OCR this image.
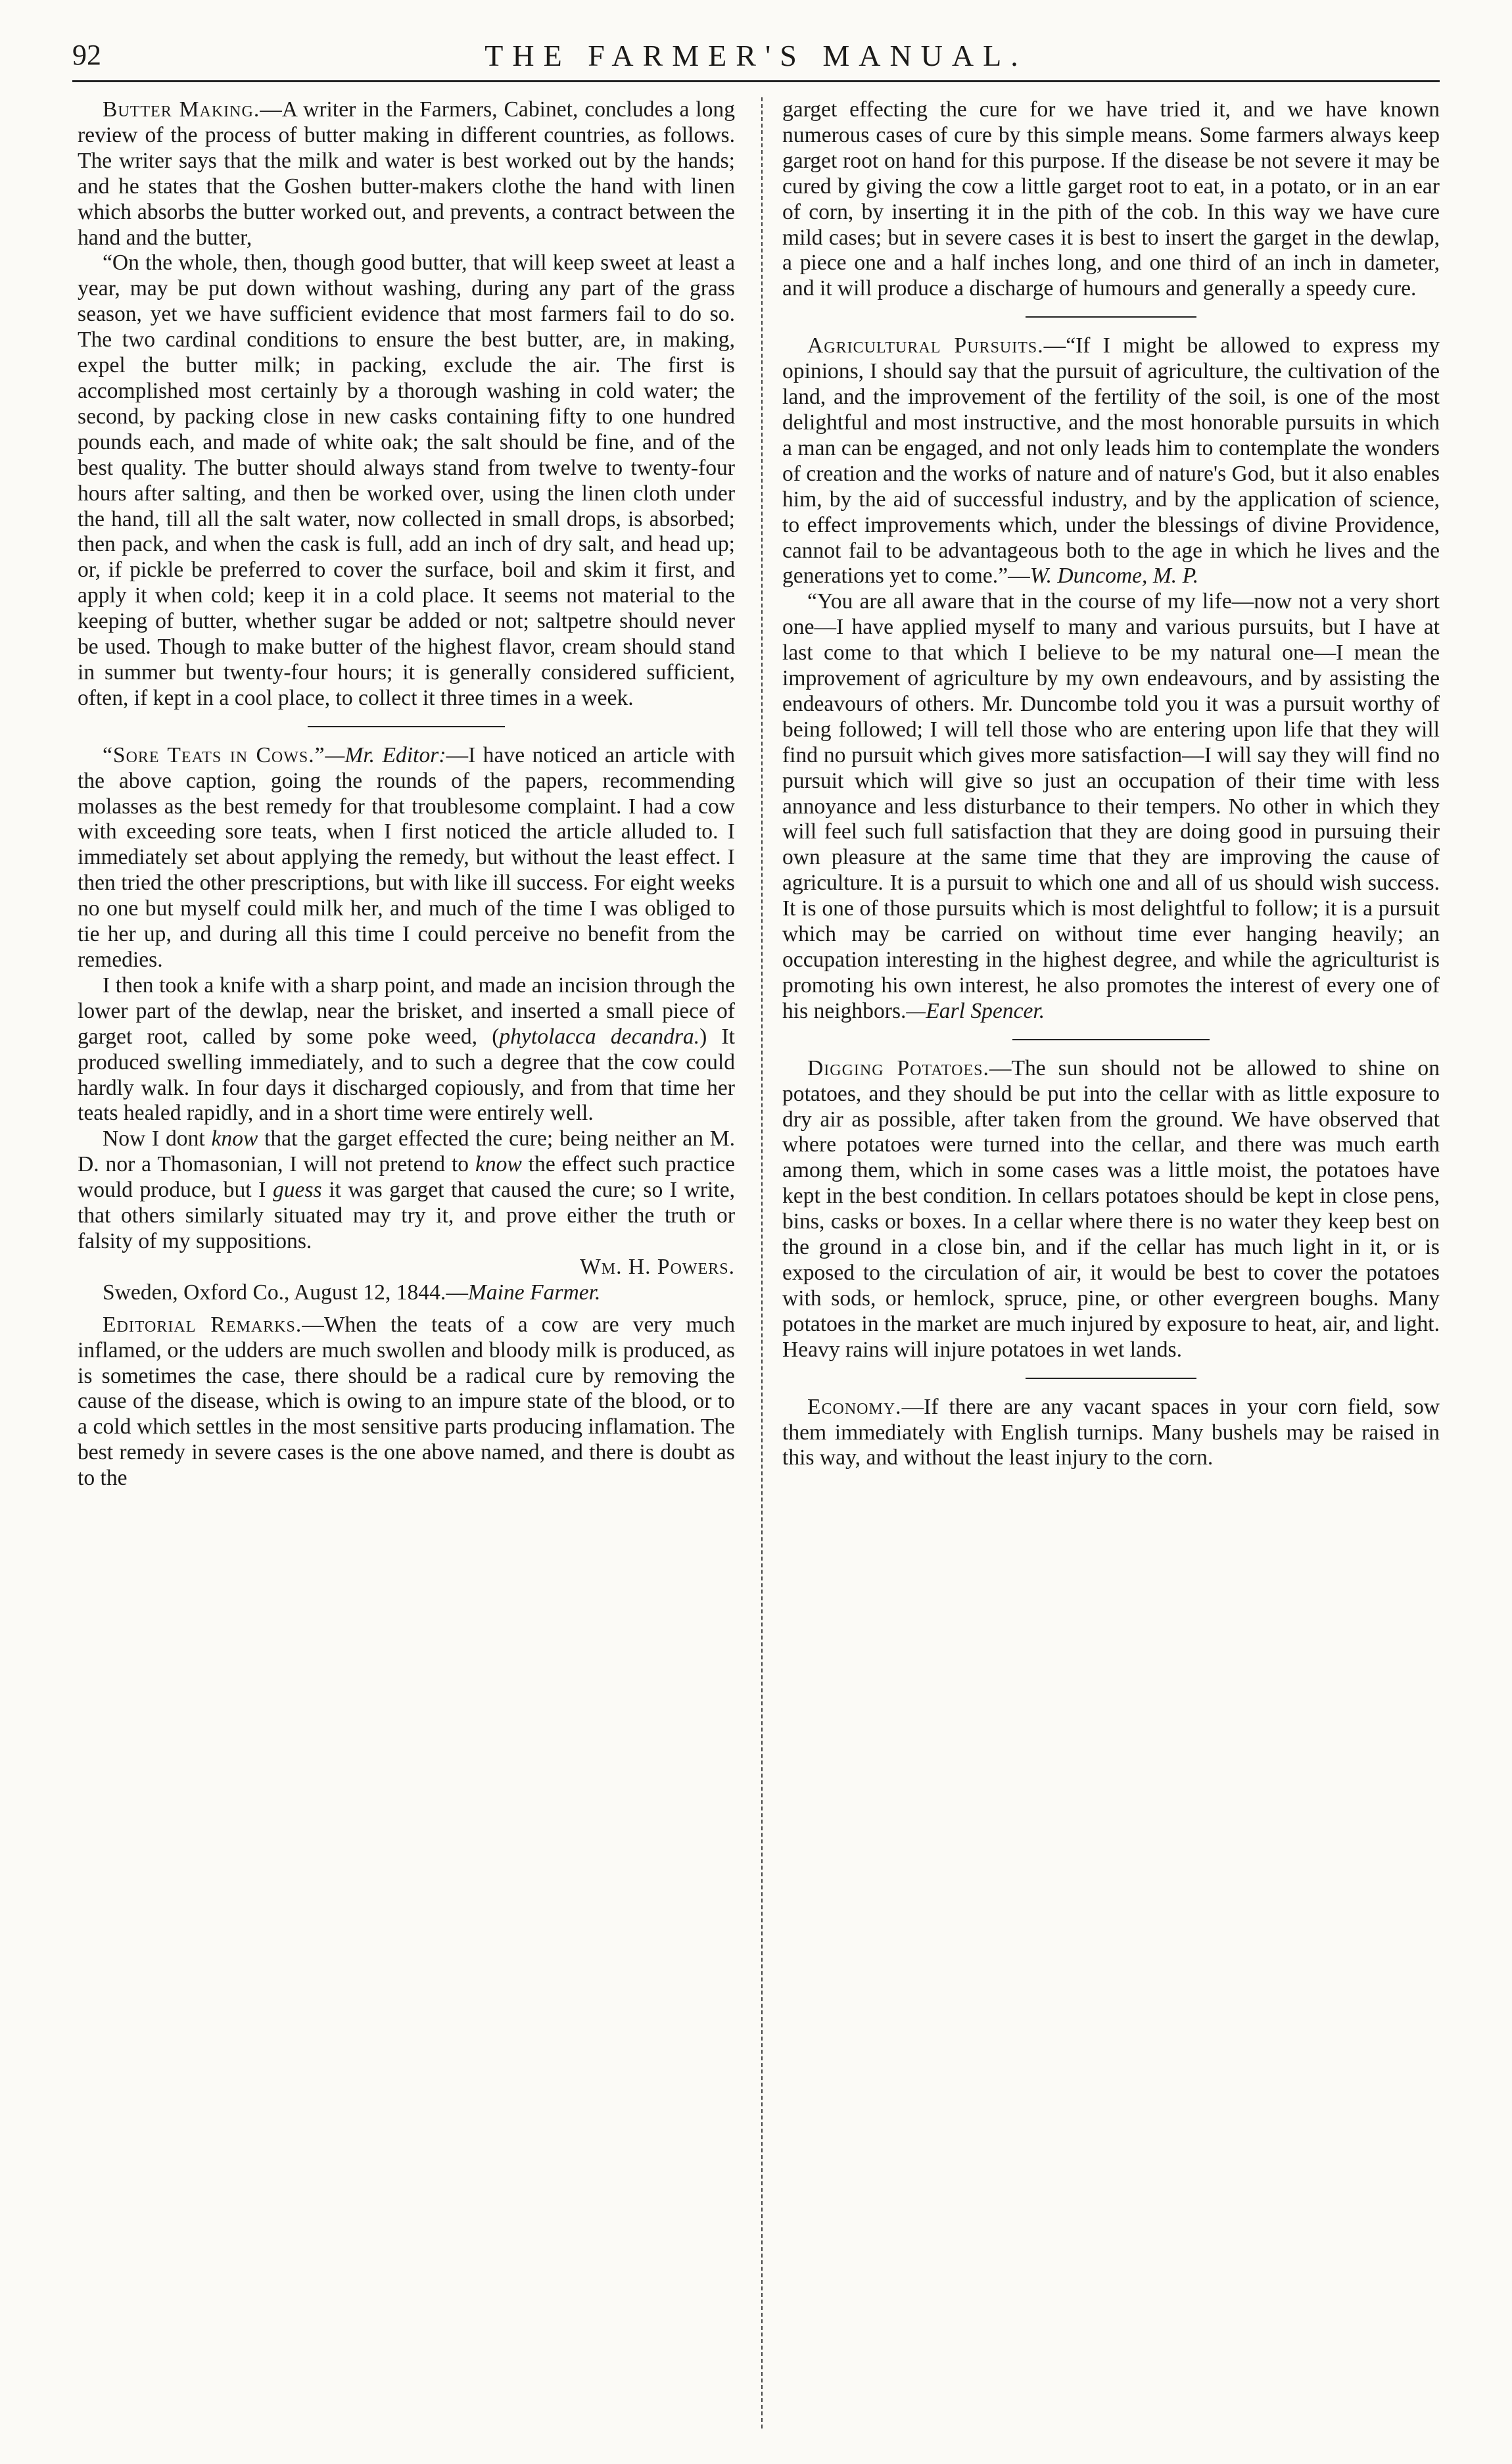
92	THE FARMER'S MANUAL.

Butter Making.—A writer in the Farmers, Cabinet, concludes a long review of the process of butter making in different countries, as follows. The writer says that the milk and water is best worked out by the hands; and he states that the Goshen butter-makers clothe the hand with linen which absorbs the butter worked out, and prevents, a contract between the hand and the butter,

“On the whole, then, though good butter, that will keep sweet at least a year, may be put down without washing, during any part of the grass season, yet we have sufficient evidence that most farmers fail to do so. The two cardinal conditions to ensure the best butter, are, in making, expel the butter milk; in packing, exclude the air. The first is accomplished most certainly by a thorough washing in cold water; the second, by packing close in new casks containing fifty to one hundred pounds each, and made of white oak; the salt should be fine, and of the best quality. The butter should always stand from twelve to twenty-four hours after salting, and then be worked over, using the linen cloth under the hand, till all the salt water, now collected in small drops, is absorbed; then pack, and when the cask is full, add an inch of dry salt, and head up; or, if pickle be preferred to cover the surface, boil and skim it first, and apply it when cold; keep it in a cold place. It seems not material to the keeping of butter, whether sugar be added or not; saltpetre should never be used. Though to make butter of the highest flavor, cream should stand in summer but twenty-four hours; it is generally considered sufficient, often, if kept in a cool place, to collect it three times in a week.

“Sore Teats in Cows.”—Mr. Editor:—I have noticed an article with the above caption, going the rounds of the papers, recommending molasses as the best remedy for that troublesome complaint. I had a cow with exceeding sore teats, when I first noticed the article alluded to. I immediately set about applying the remedy, but without the least effect. I then tried the other prescriptions, but with like ill success. For eight weeks no one but myself could milk her, and much of the time I was obliged to tie her up, and during all this time I could perceive no benefit from the remedies.

I then took a knife with a sharp point, and made an incision through the lower part of the dewlap, near the brisket, and inserted a small piece of garget root, called by some poke weed, (phytolacca decandra.) It produced swelling immediately, and to such a degree that the cow could hardly walk. In four days it discharged copiously, and from that time her teats healed rapidly, and in a short time were entirely well.

Now I dont know that the garget effected the cure; being neither an M. D. nor a Thomasonian, I will not pretend to know the effect such practice would produce, but I guess it was garget that caused the cure; so I write, that others similarly situated may try it, and prove either the truth or falsity of my suppositions.

Wm. H. Powers.

Sweden, Oxford Co., August 12, 1844.—Maine Farmer.

Editorial Remarks.—When the teats of a cow are very much inflamed, or the udders are much swollen and bloody milk is produced, as is sometimes the case, there should be a radical cure by removing the cause of the disease, which is owing to an impure state of the blood, or to a cold which settles in the most sensitive parts producing inflamation. The best remedy in severe cases is the one above named, and there is doubt as to the

garget effecting the cure for we have tried it, and we have known numerous cases of cure by this simple means. Some farmers always keep garget root on hand for this purpose. If the disease be not severe it may be cured by giving the cow a little garget root to eat, in a potato, or in an ear of corn, by inserting it in the pith of the cob. In this way we have cure mild cases; but in severe cases it is best to insert the garget in the dewlap, a piece one and a half inches long, and one third of an inch in dameter, and it will produce a discharge of humours and generally a speedy cure.

Agricultural Pursuits.—“If I might be allowed to express my opinions, I should say that the pursuit of agriculture, the cultivation of the land, and the improvement of the fertility of the soil, is one of the most delightful and most instructive, and the most honorable pursuits in which a man can be engaged, and not only leads him to contemplate the wonders of creation and the works of nature and of nature's God, but it also enables him, by the aid of successful industry, and by the application of science, to effect improvements which, under the blessings of divine Providence, cannot fail to be advantageous both to the age in which he lives and the generations yet to come.”—W. Duncome, M. P.

“You are all aware that in the course of my life—now not a very short one—I have applied myself to many and various pursuits, but I have at last come to that which I believe to be my natural one—I mean the improvement of agriculture by my own endeavours, and by assisting the endeavours of others. Mr. Duncombe told you it was a pursuit worthy of being followed; I will tell those who are entering upon life that they will find no pursuit which gives more satisfaction—I will say they will find no pursuit which will give so just an occupation of their time with less annoyance and less disturbance to their tempers. No other in which they will feel such full satisfaction that they are doing good in pursuing their own pleasure at the same time that they are improving the cause of agriculture. It is a pursuit to which one and all of us should wish success. It is one of those pursuits which is most delightful to follow; it is a pursuit which may be carried on without time ever hanging heavily; an occupation interesting in the highest degree, and while the agriculturist is promoting his own interest, he also promotes the interest of every one of his neighbors.—Earl Spencer.

Digging Potatoes.—The sun should not be allowed to shine on potatoes, and they should be put into the cellar with as little exposure to dry air as possible, after taken from the ground. We have observed that where potatoes were turned into the cellar, and there was much earth among them, which in some cases was a little moist, the potatoes have kept in the best condition. In cellars potatoes should be kept in close pens, bins, casks or boxes. In a cellar where there is no water they keep best on the ground in a close bin, and if the cellar has much light in it, or is exposed to the circulation of air, it would be best to cover the potatoes with sods, or hemlock, spruce, pine, or other evergreen boughs. Many potatoes in the market are much injured by exposure to heat, air, and light. Heavy rains will injure potatoes in wet lands.

Economy.—If there are any vacant spaces in your corn field, sow them immediately with English turnips. Many bushels may be raised in this way, and without the least injury to the corn.
